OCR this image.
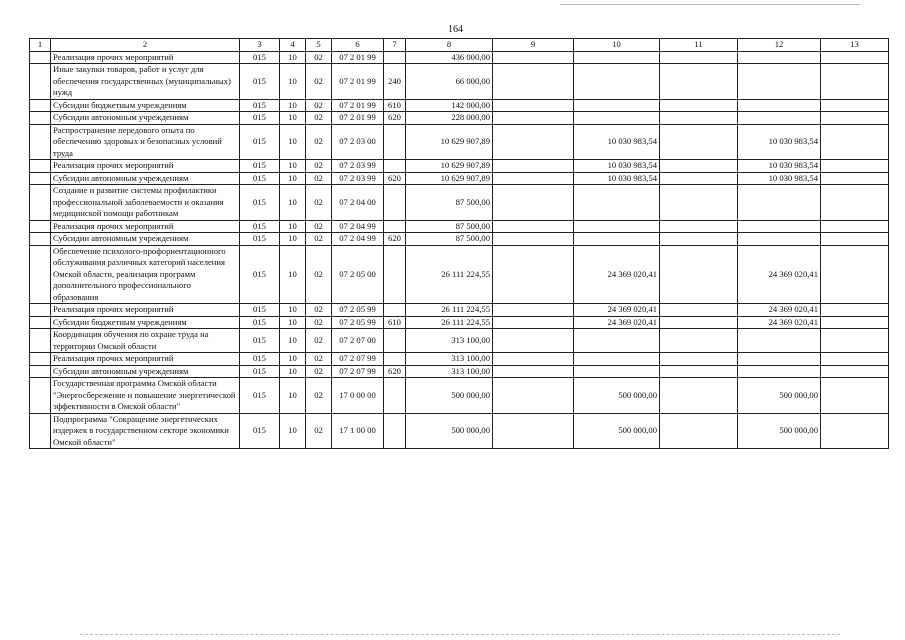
164
1	2	3	4	5	6	7	8	9	10	11	12	13
	Реализация прочих мероприятий	015	10	02	07 2 01 99		436 000,00					
	Иные закупки товаров, работ и услуг для обеспечения государственных (муниципальных) нужд	015	10	02	07 2 01 99	240	66 000,00					
	Субсидии бюджетным учреждениям	015	10	02	07 2 01 99	610	142 000,00					
	Субсидии автономным учреждениям	015	10	02	07 2 01 99	620	228 000,00					
	Распространение передового опыта по обеспечению здоровых и безопасных условий труда	015	10	02	07 2 03 00		10 629 907,89		10 030 983,54		10 030 983,54	
	Реализация прочих мероприятий	015	10	02	07 2 03 99		10 629 907,89		10 030 983,54		10 030 983,54	
	Субсидии автономным учреждениям	015	10	02	07 2 03 99	620	10 629 907,89		10 030 983,54		10 030 983,54	
	Создание и развитие системы профилактики профессиональной заболеваемости и оказания медицинской помощи работникам	015	10	02	07 2 04 00		87 500,00					
	Реализация прочих мероприятий	015	10	02	07 2 04 99		87 500,00					
	Субсидии автономным учреждениям	015	10	02	07 2 04 99	620	87 500,00					
	Обеспечение психолого-профориентационного обслуживания различных категорий населения Омской области, реализация программ дополнительного профессионального образования	015	10	02	07 2 05 00		26 111 224,55		24 369 020,41		24 369 020,41	
	Реализация прочих мероприятий	015	10	02	07 2 05 99		26 111 224,55		24 369 020,41		24 369 020,41	
	Субсидии бюджетным учреждениям	015	10	02	07 2 05 99	610	26 111 224,55		24 369 020,41		24 369 020,41	
	Координация обучения по охране труда на территории Омской области	015	10	02	07 2 07 00		313 100,00					
	Реализация прочих мероприятий	015	10	02	07 2 07 99		313 100,00					
	Субсидии автономным учреждениям	015	10	02	07 2 07 99	620	313 100,00					
	Государственная программа Омской области "Энергосбережение и повышение энергетической эффективности в Омской области"	015	10	02	17 0 00 00		500 000,00		500 000,00		500 000,00	
	Подпрограмма "Сокращение энергетических издержек в государственном секторе экономики Омской области"	015	10	02	17 1 00 00		500 000,00		500 000,00		500 000,00	
